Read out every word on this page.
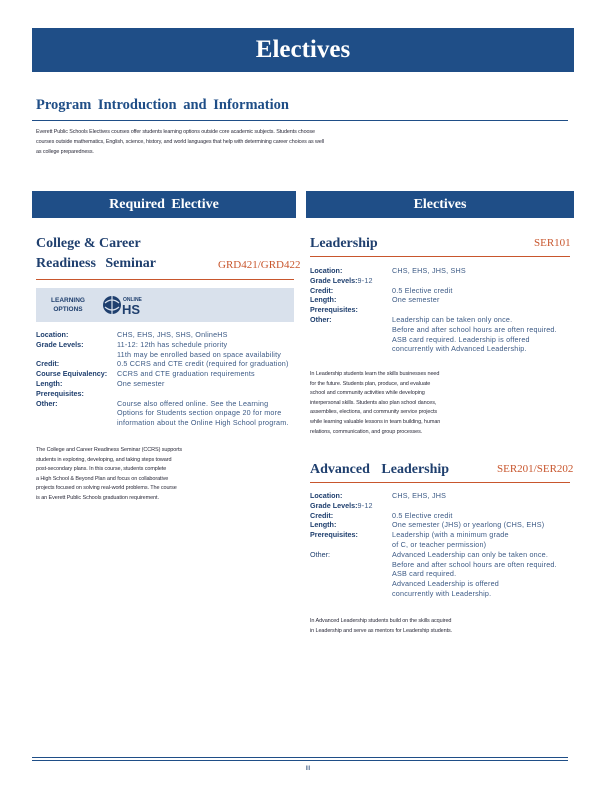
Electives
Program Introduction and Information
Everett Public Schools Electives courses offer students learning options outside core academic subjects. Students choose courses outside mathematics, English, science, history, and world languages that help with determining career choices as well as college preparedness.
Required Elective	Electives
College & Career
Readiness Seminar	GRD421/GRD422
LEARNING OPTIONS
ONLINE
HS
Location:	CHS, EHS, JHS, SHS, OnlineHS
Grade Levels:	11-12: 12th has schedule priority
11th may be enrolled based on space availability
Credit:	0.5 CCRS and CTE credit (required for graduation)
Course Equivalency:	CCRS and CTE graduation requirements
Length:	One semester
Prerequisites:
Other:	Course also offered online. See the Learning
Options for Students section onpage 20 for more
information about the Online High School program.
The College and Career Readiness Seminar (CCRS) supports
students in exploring, developing, and taking steps toward
post-secondary plans. In this course, students complete
a High School & Beyond Plan and focus on collaborative
projects focused on solving real-world problems. The course
is an Everett Public Schools graduation requirement.
Leadership	SER101
Location:	CHS, EHS, JHS, SHS
Grade Levels: 9-12
Credit:	0.5 Elective credit
Length:	One semester
Prerequisites:
Other:	Leadership can be taken only once.
Before and after school hours are often required.
ASB card required. Leadership is offered
concurrently with Advanced Leadership.
In Leadership students learn the skills businesses need
for the future. Students plan, produce, and evaluate
school and community activities while developing
interpersonal skills. Students also plan school dances,
assemblies, elections, and community service projects
while learning valuable lessons in team building, human
relations, communication, and group processes.
Advanced Leadership	SER201/SER202
Location:	CHS, EHS, JHS
Grade Levels: 9-12
Credit:	0.5 Elective credit
Length:	One semester (JHS) or yearlong (CHS, EHS)
Prerequisites:	Leadership (with a minimum grade
of C, or teacher permission)
Other:	Advanced Leadership can only be taken once.
Before and after school hours are often required.
ASB card required.
Advanced Leadership is offered
concurrently with Leadership.
In Advanced Leadership students build on the skills acquired
in Leadership and serve as mentors for Leadership students.
III
